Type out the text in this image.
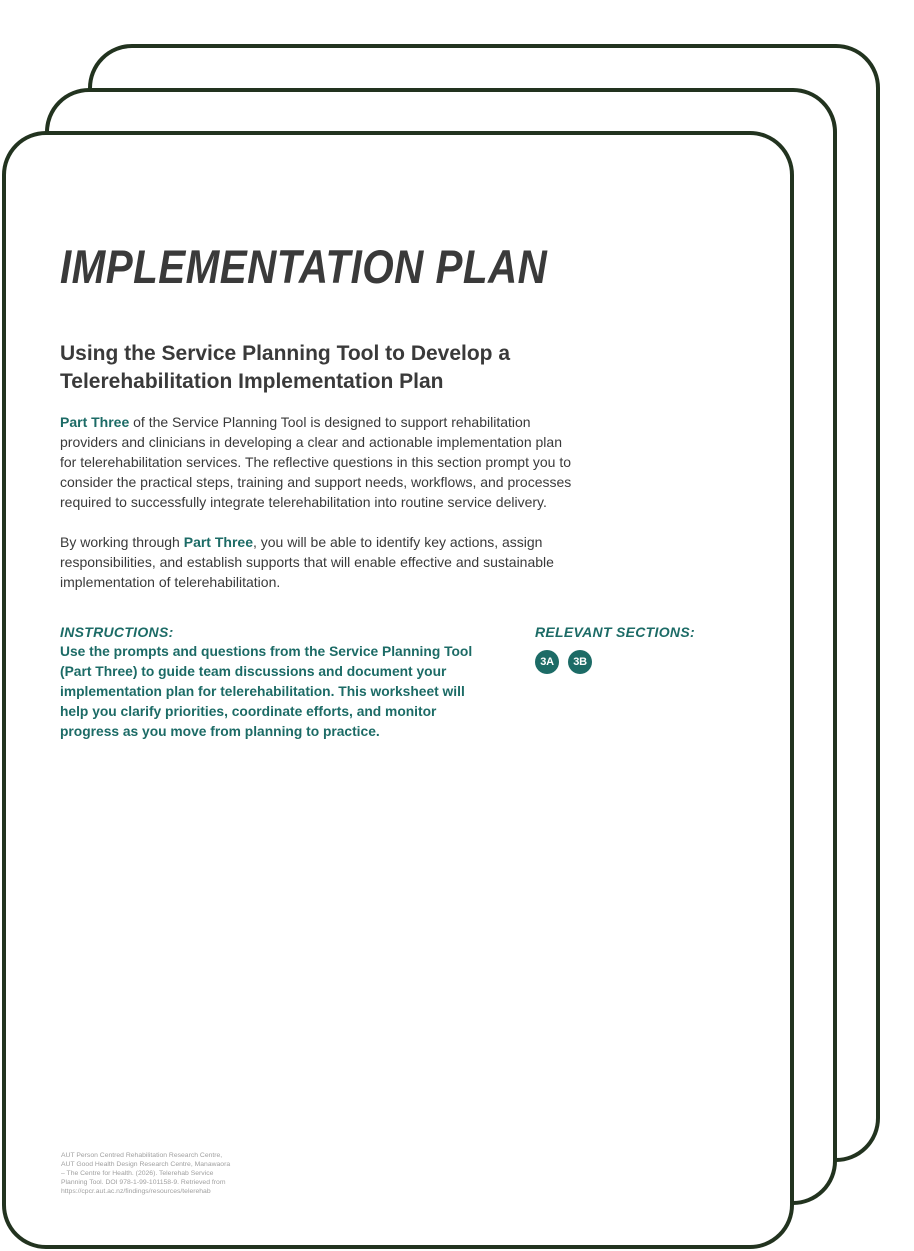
IMPLEMENTATION PLAN
Using the Service Planning Tool to Develop a
Telerehabilitation Implementation Plan
Part Three of the Service Planning Tool is designed to support rehabilitation
providers and clinicians in developing a clear and actionable implementation plan
for telerehabilitation services. The reflective questions in this section prompt you to
consider the practical steps, training and support needs, workflows, and processes
required to successfully integrate telerehabilitation into routine service delivery.
By working through Part Three, you will be able to identify key actions, assign
responsibilities, and establish supports that will enable effective and sustainable
implementation of telerehabilitation.
INSTRUCTIONS:
Use the prompts and questions from the Service Planning Tool
(Part Three) to guide team discussions and document your
implementation plan for telerehabilitation. This worksheet will
help you clarify priorities, coordinate efforts, and monitor
progress as you move from planning to practice.
RELEVANT SECTIONS:
3A	3B
AUT Person Centred Rehabilitation Research Centre,
AUT Good Health Design Research Centre, Manawaora
– The Centre for Health. (2026). Telerehab Service
Planning Tool. DOI 978-1-99-101158-9. Retrieved from
https://cpcr.aut.ac.nz/findings/resources/telerehab
